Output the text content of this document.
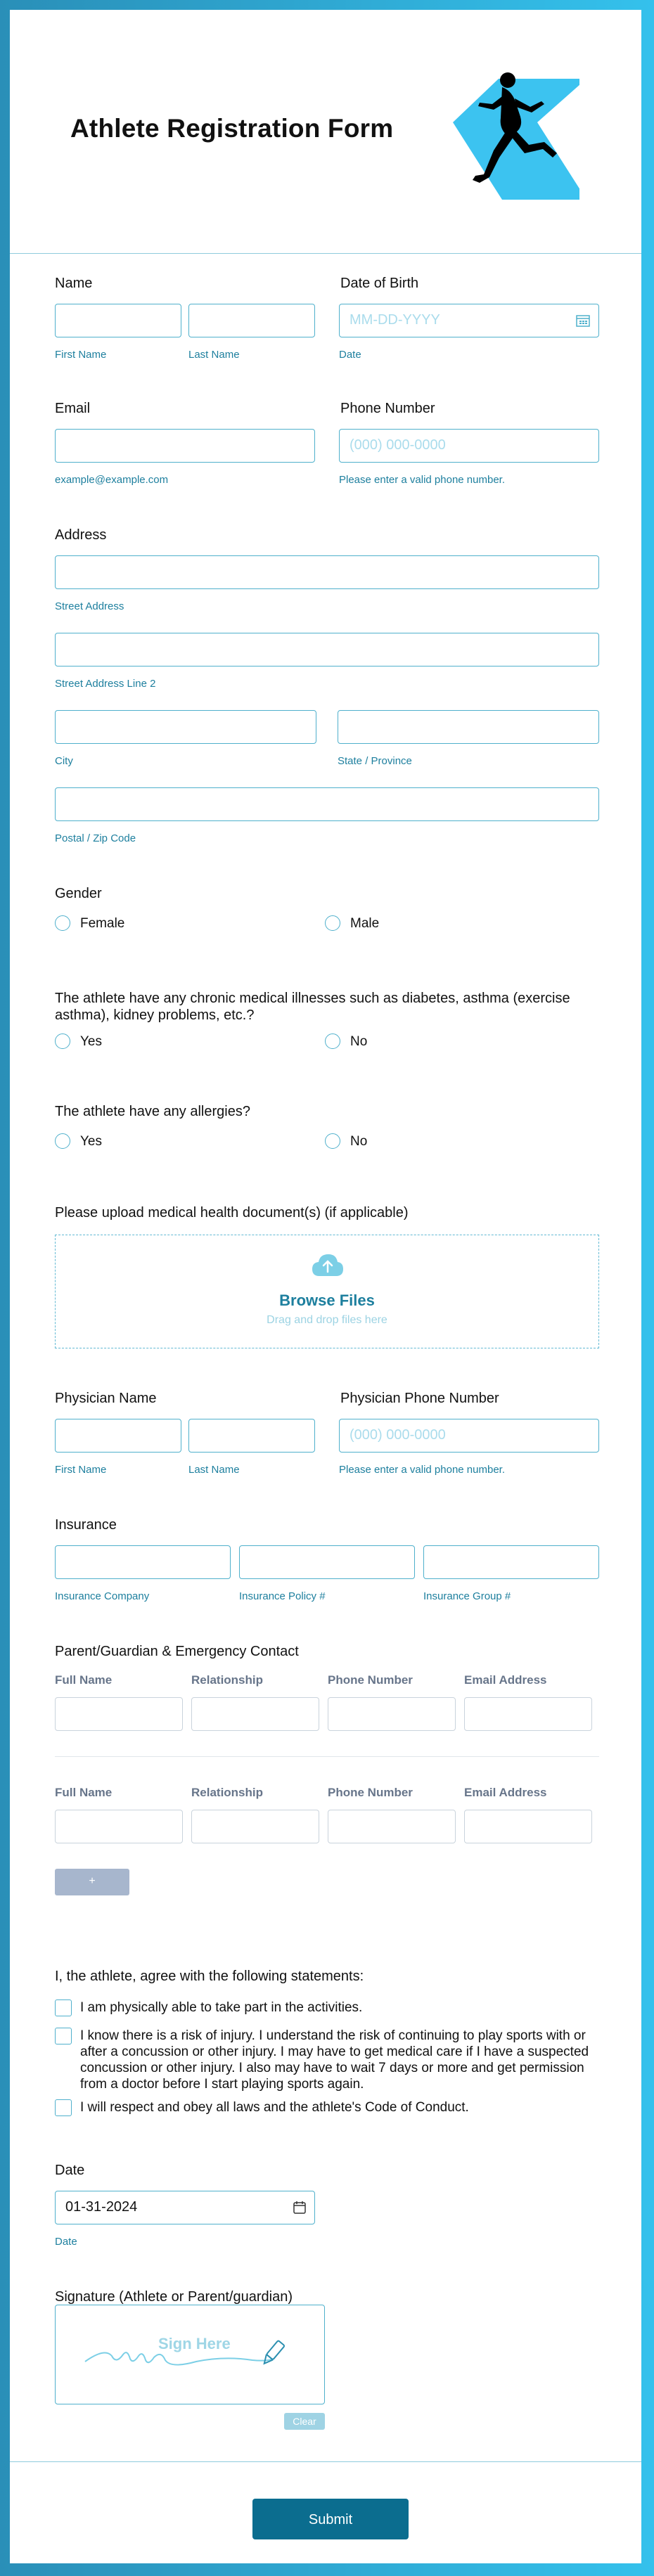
Athlete Registration Form
Name
First Name	Last Name
Date of Birth
MM-DD-YYYY
Date
Email
example@example.com
Phone Number
(000) 000-0000
Please enter a valid phone number.
Address
Street Address
Street Address Line 2
City	State / Province
Postal / Zip Code
Gender
Female	Male
The athlete have any chronic medical illnesses such as diabetes, asthma (exercise asthma), kidney problems, etc.?
Yes	No
The athlete have any allergies?
Yes	No
Please upload medical health document(s) (if applicable)
Browse Files
Drag and drop files here
Physician Name
First Name	Last Name
Physician Phone Number
(000) 000-0000
Please enter a valid phone number.
Insurance
Insurance Company	Insurance Policy #	Insurance Group #
Parent/Guardian & Emergency Contact
Full Name	Relationship	Phone Number	Email Address
Full Name	Relationship	Phone Number	Email Address
+
I, the athlete, agree with the following statements:
I am physically able to take part in the activities.
I know there is a risk of injury. I understand the risk of continuing to play sports with or after a concussion or other injury. I may have to get medical care if I have a suspected concussion or other injury. I also may have to wait 7 days or more and get permission from a doctor before I start playing sports again.
I will respect and obey all laws and the athlete's Code of Conduct.
Date
01-31-2024
Date
Signature (Athlete or Parent/guardian)
Sign Here
Clear
Submit
